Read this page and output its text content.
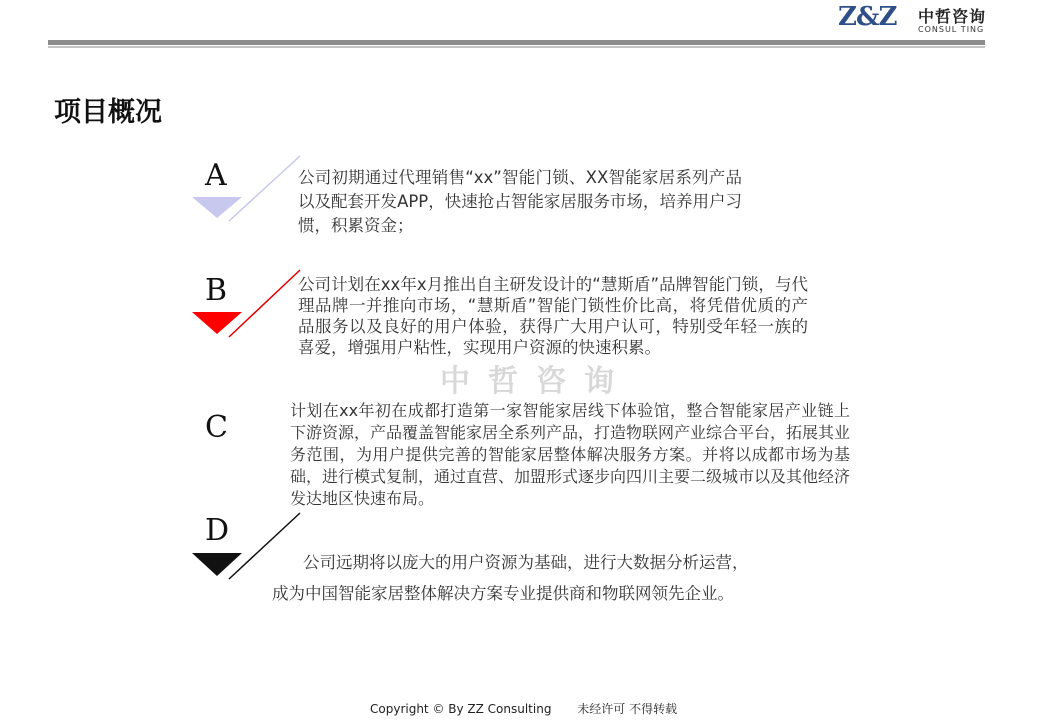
Z&Z 中哲咨询
CONSUL TING
项目概况
A	公司初期通过代理销售“xx”智能门锁、XX智能家居系列产品以及配套开发APP，快速抢占智能家居服务市场，培养用户习惯，积累资金；
B	公司计划在xx年x月推出自主研发设计的“慧斯盾”品牌智能门锁，与代理品牌一并推向市场，“慧斯盾”智能门锁性价比高，将凭借优质的产品服务以及良好的用户体验，获得广大用户认可，特别受年轻一族的喜爱，增强用户粘性，实现用户资源的快速积累。
中哲咨询
C	计划在xx年初在成都打造第一家智能家居线下体验馆，整合智能家居产业链上下游资源，产品覆盖智能家居全系列产品，打造物联网产业综合平台，拓展其业务范围，为用户提供完善的智能家居整体解决服务方案。并将以成都市场为基础，进行模式复制，通过直营、加盟形式逐步向四川主要二级城市以及其他经济发达地区快速布局。
D
公司远期将以庞大的用户资源为基础，进行大数据分析运营，
成为中国智能家居整体解决方案专业提供商和物联网领先企业。
Copyright © By ZZ Consulting 未经许可 不得转载
